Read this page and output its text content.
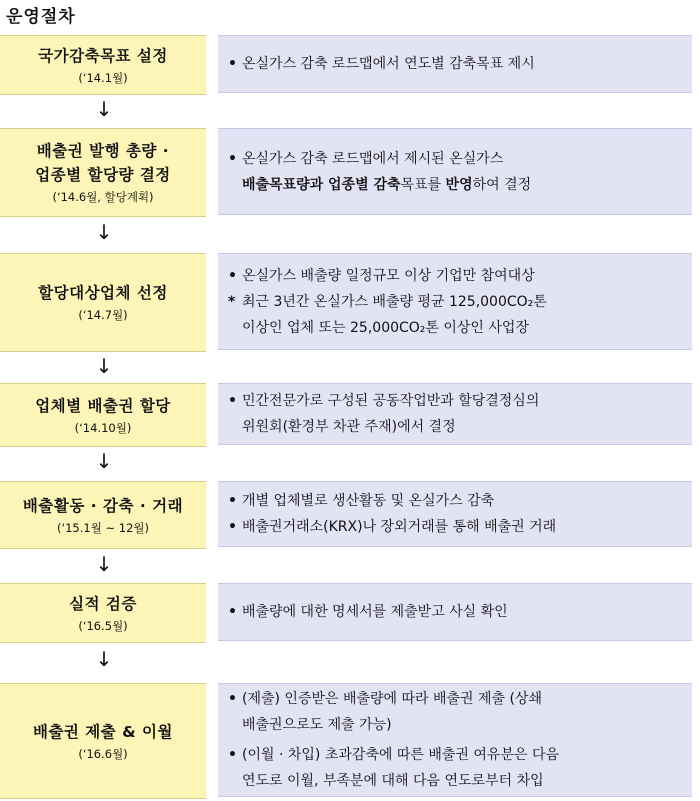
운영절차
국가감축목표 설정
(‘14.1월)
• 온실가스 감축 로드맵에서 연도별 감축목표 제시
↓
배출권 발행 총량 ·
업종별 할당량 결정
(‘14.6월, 할당계획)
• 온실가스 감축 로드맵에서 제시된 온실가스
배출목표량과 업종별 감축목표를 반영하여 결정
↓
할당대상업체 선정
(‘14.7월)
• 온실가스 배출량 일정규모 이상 기업만 참여대상
* 최근 3년간 온실가스 배출량 평균 125,000CO₂톤
이상인 업체 또는 25,000CO₂톤 이상인 사업장
↓
업체별 배출권 할당
(‘14.10월)
• 민간전문가로 구성된 공동작업반과 할당결정심의
위원회(환경부 차관 주재)에서 결정
↓
배출활동 · 감축 · 거래
(‘15.1월 ~ 12월)
• 개별 업체별로 생산활동 및 온실가스 감축
• 배출권거래소(KRX)나 장외거래를 통해 배출권 거래
↓
실적 검증
(‘16.5월)
• 배출량에 대한 명세서를 제출받고 사실 확인
↓
배출권 제출 & 이월
(‘16.6월)
• (제출) 인증받은 배출량에 따라 배출권 제출 (상쇄
배출권으로도 제출 가능)
• (이월 · 차입) 초과감축에 따른 배출권 여유분은 다음
연도로 이월, 부족분에 대해 다음 연도로부터 차입
